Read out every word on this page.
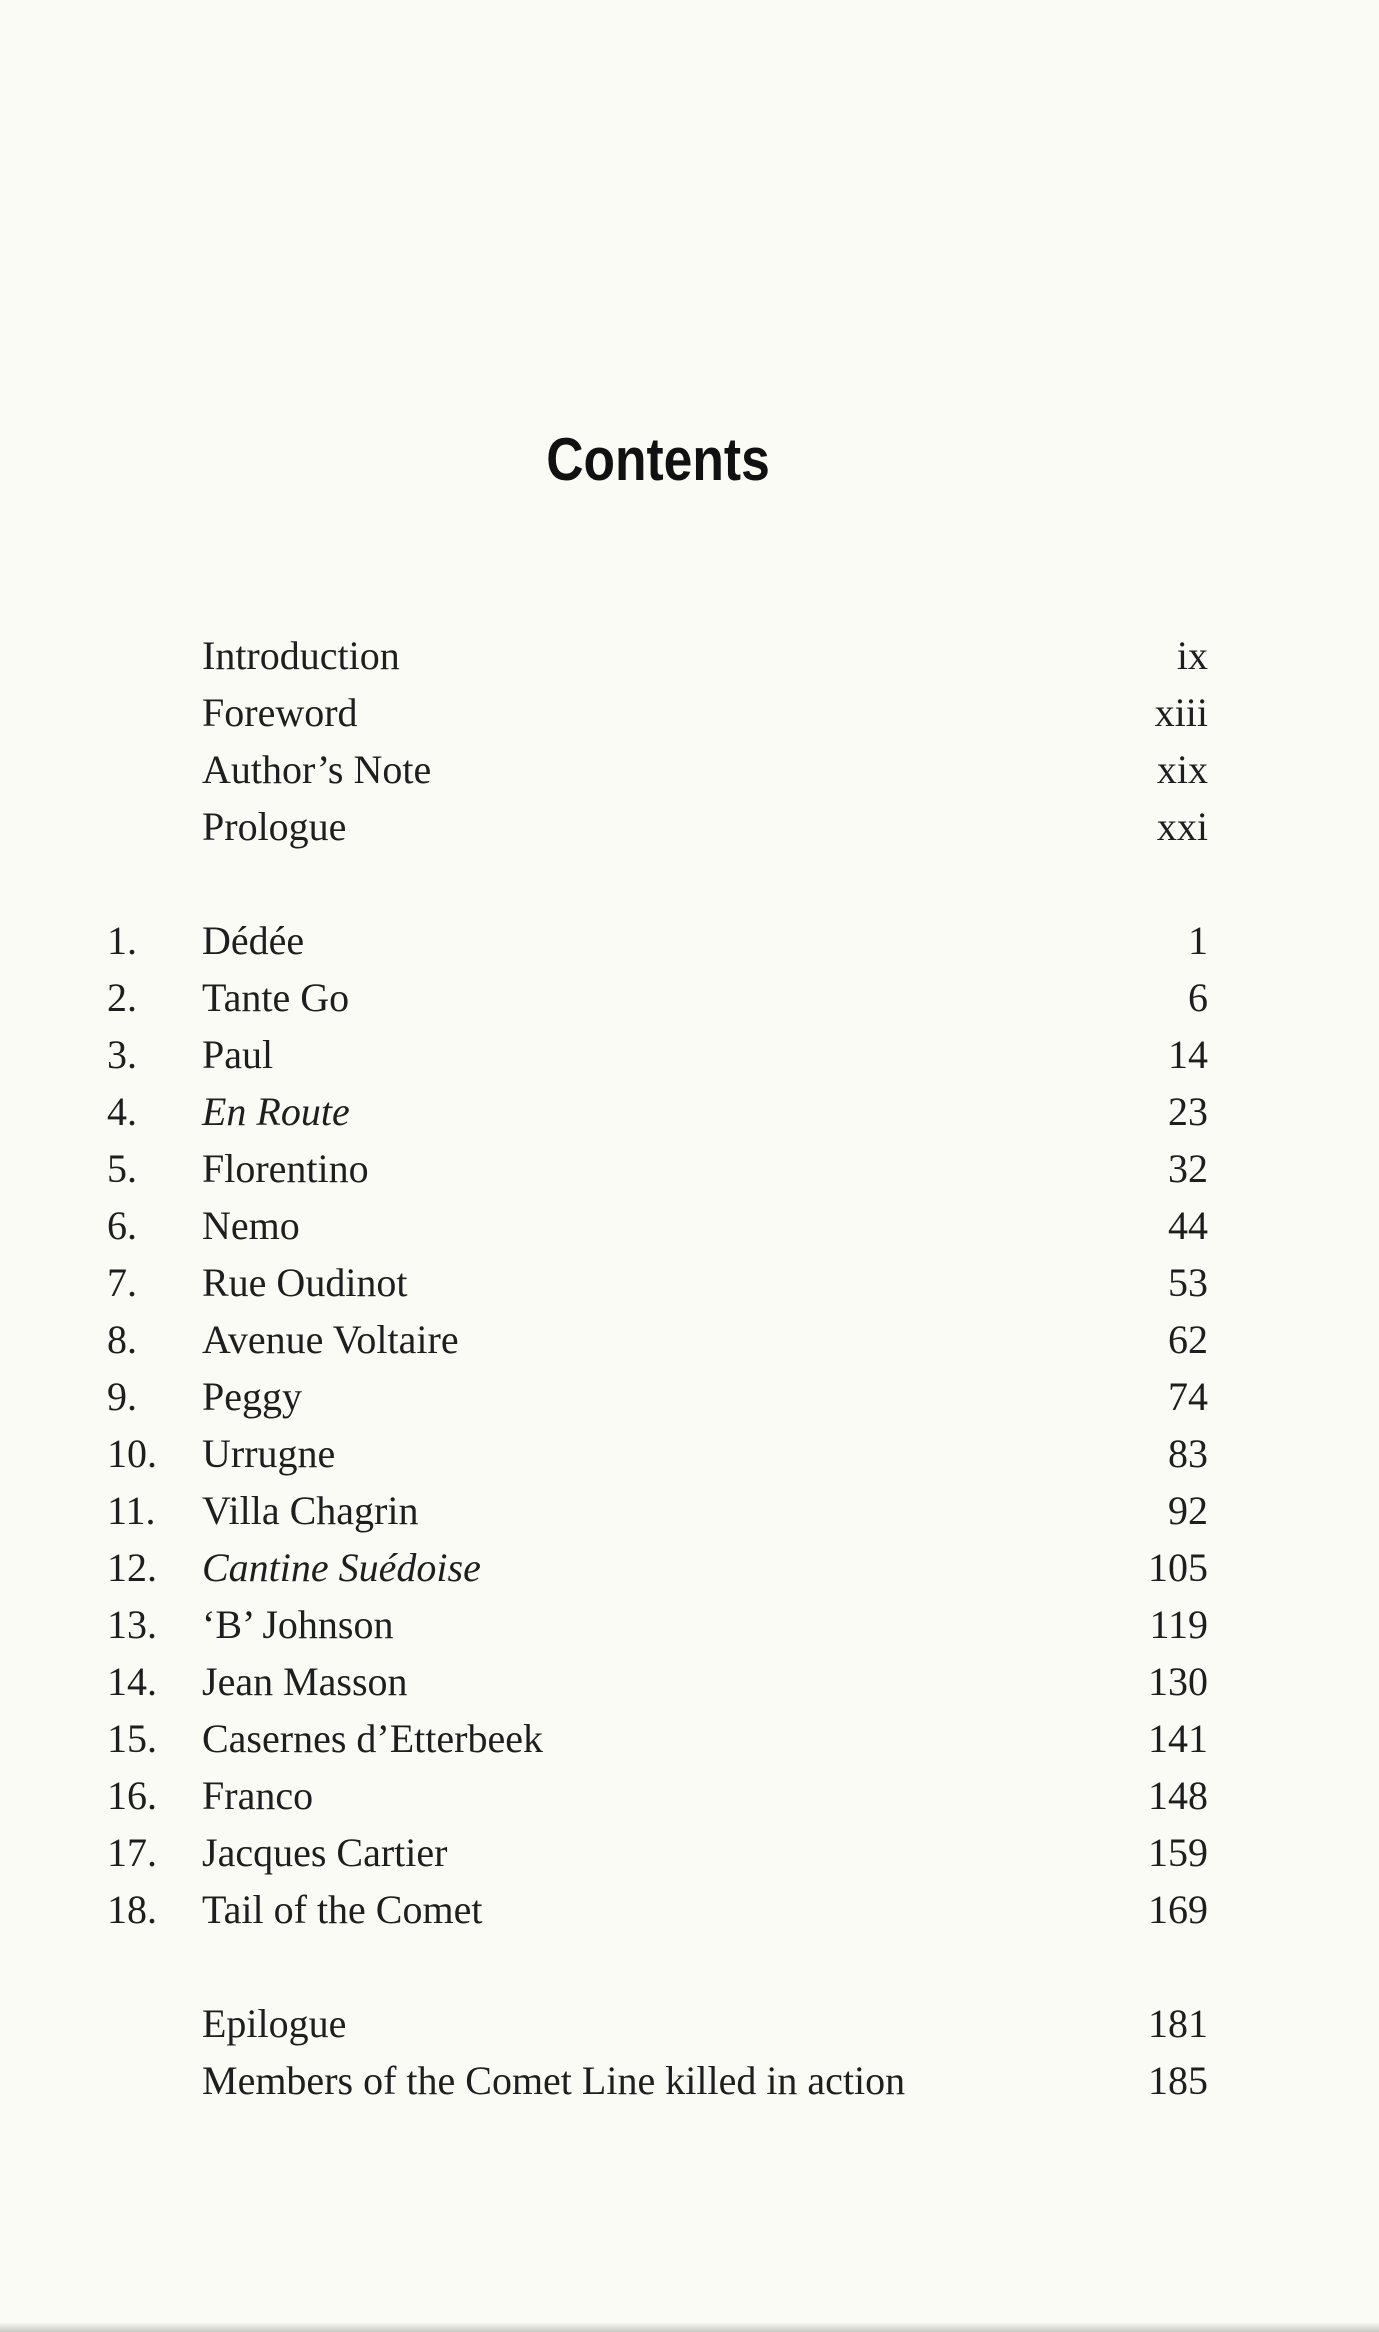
Contents
Introduction	ix
Foreword	xiii
Author’s Note	xix
Prologue	xxi
1. Dédée	1
2. Tante Go	6
3. Paul	14
4. En Route	23
5. Florentino	32
6. Nemo	44
7. Rue Oudinot	53
8. Avenue Voltaire	62
9. Peggy	74
10. Urrugne	83
11. Villa Chagrin	92
12. Cantine Suédoise	105
13. ‘B’ Johnson	119
14. Jean Masson	130
15. Casernes d’Etterbeek	141
16. Franco	148
17. Jacques Cartier	159
18. Tail of the Comet	169
Epilogue	181
Members of the Comet Line killed in action	185
